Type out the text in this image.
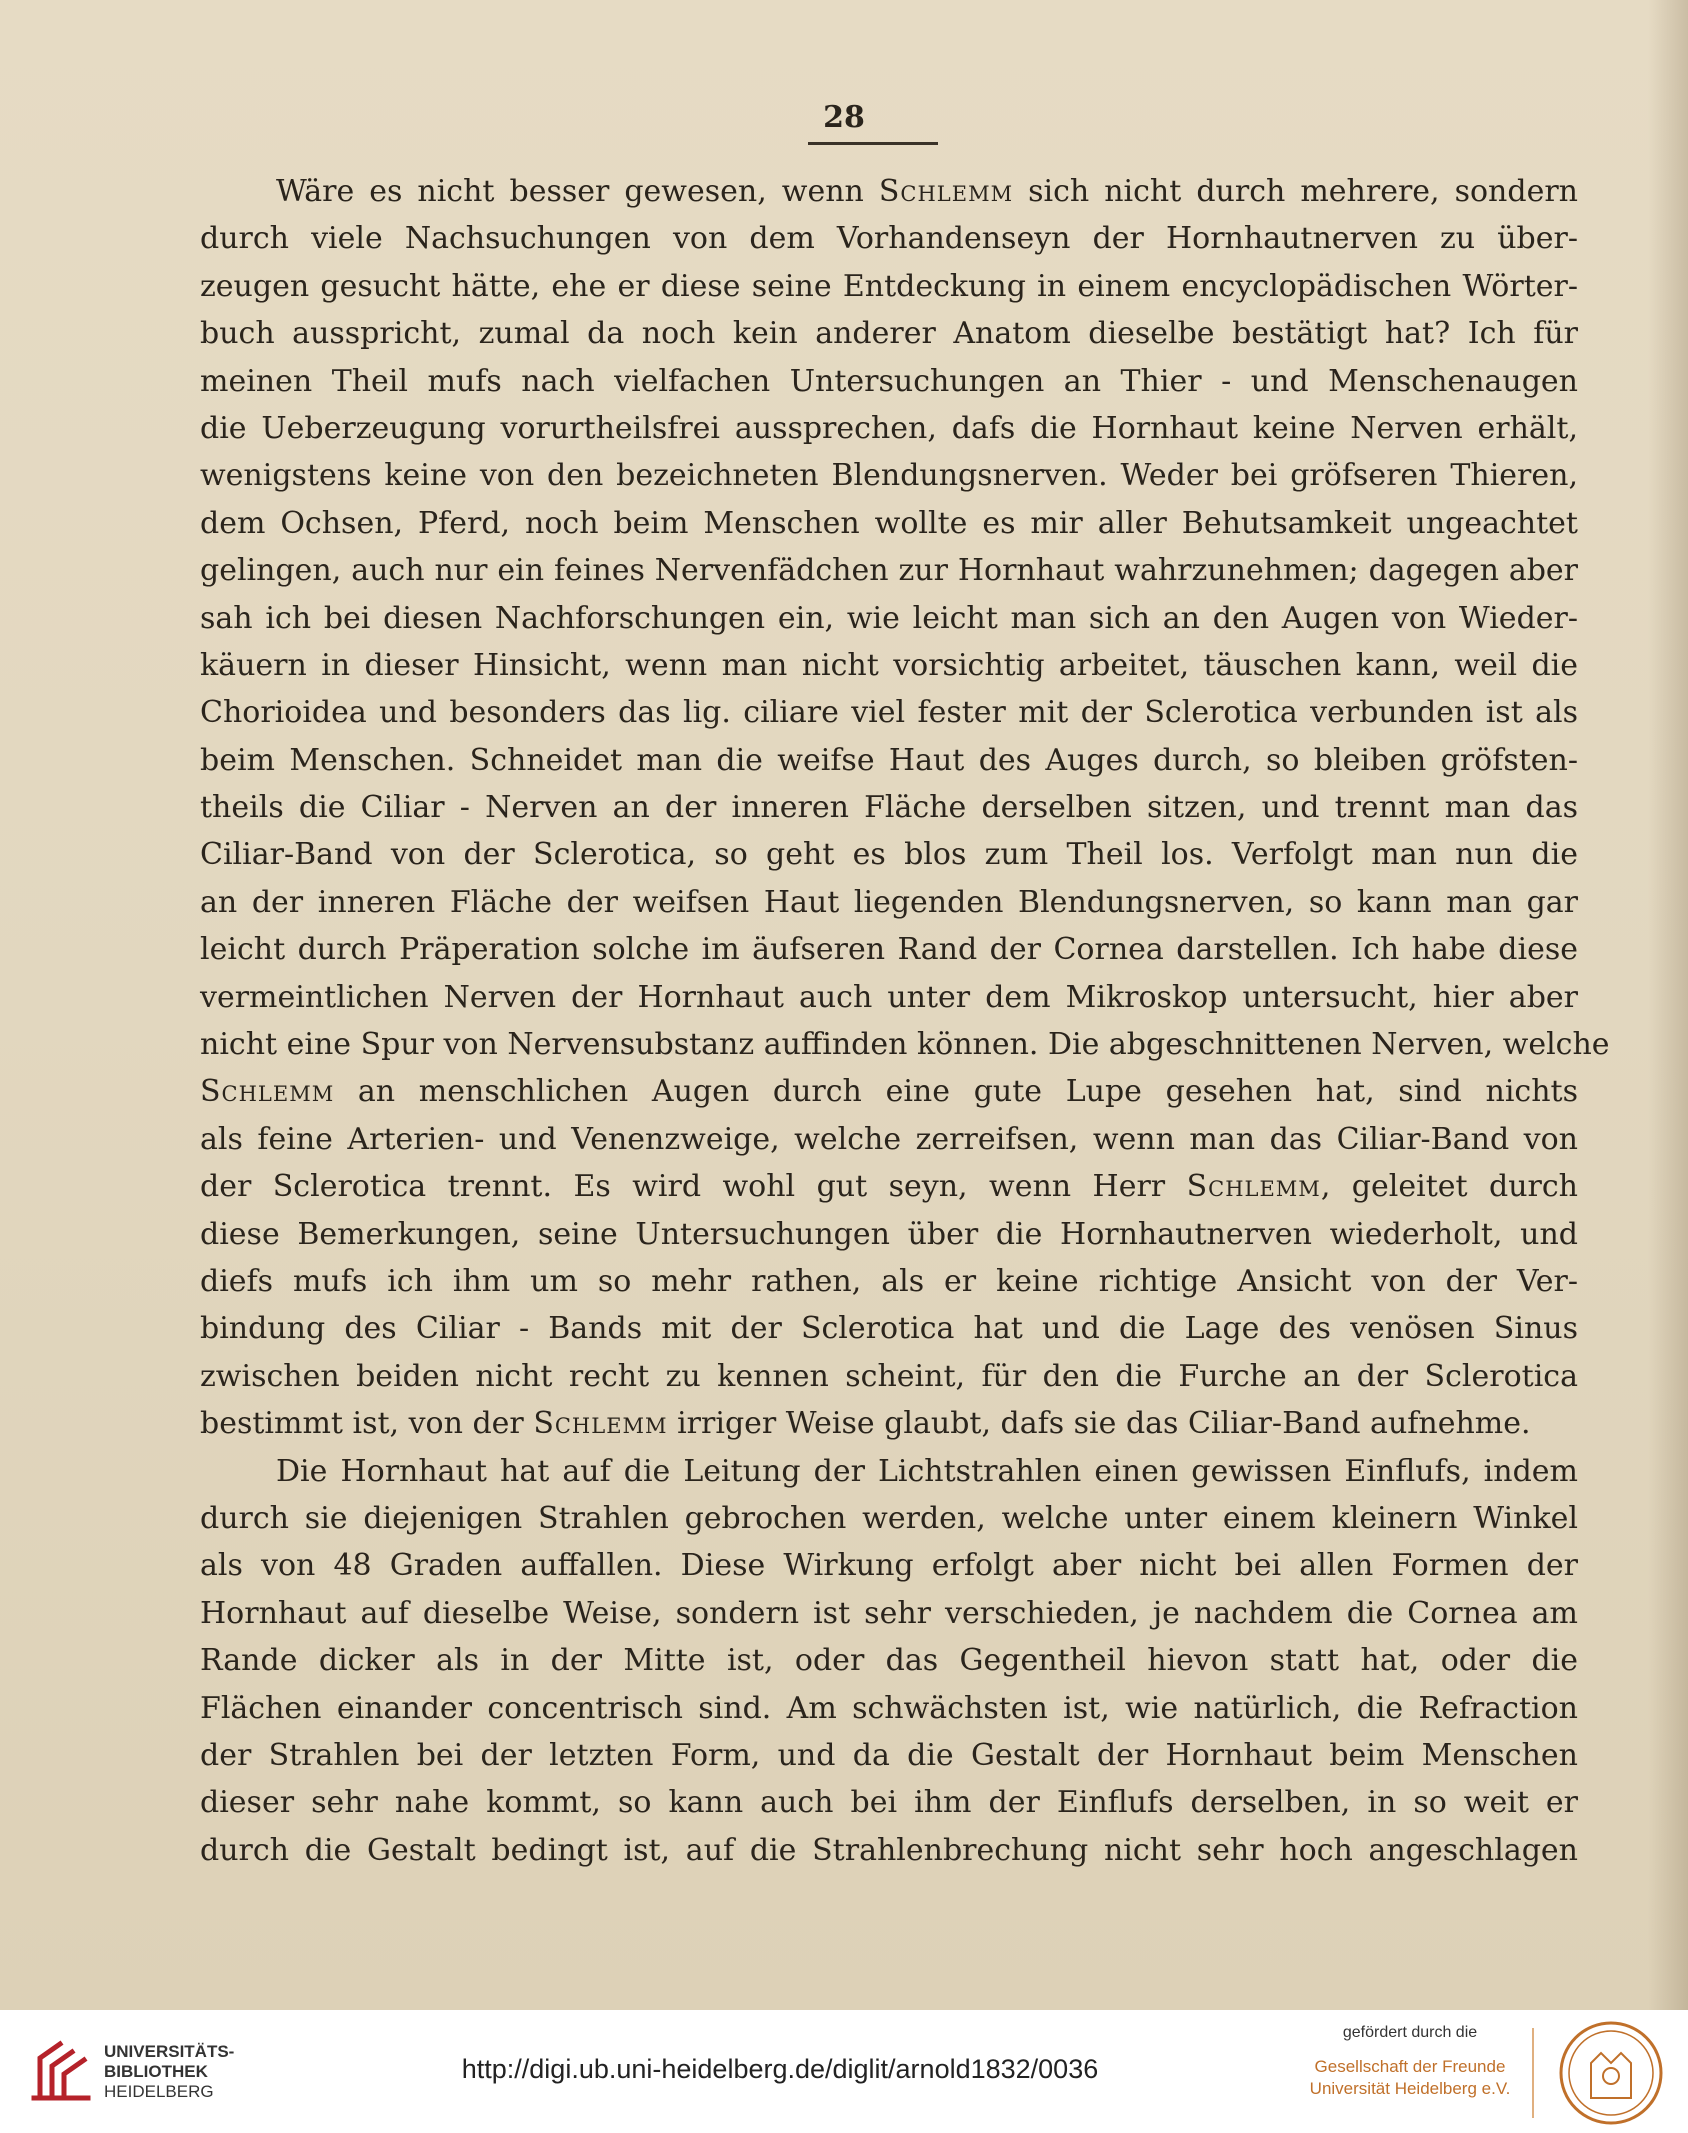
28
Wäre es nicht besser gewesen, wenn Schlemm sich nicht durch mehrere, sondern
durch viele Nachsuchungen von dem Vorhandenseyn der Hornhautnerven zu über-
zeugen gesucht hätte, ehe er diese seine Entdeckung in einem encyclopädischen Wörter-
buch ausspricht, zumal da noch kein anderer Anatom dieselbe bestätigt hat? Ich für
meinen Theil mufs nach vielfachen Untersuchungen an Thier - und Menschenaugen
die Ueberzeugung vorurtheilsfrei aussprechen, dafs die Hornhaut keine Nerven erhält,
wenigstens keine von den bezeichneten Blendungsnerven. Weder bei gröfseren Thieren,
dem Ochsen, Pferd, noch beim Menschen wollte es mir aller Behutsamkeit ungeachtet
gelingen, auch nur ein feines Nervenfädchen zur Hornhaut wahrzunehmen; dagegen aber
sah ich bei diesen Nachforschungen ein, wie leicht man sich an den Augen von Wieder-
käuern in dieser Hinsicht, wenn man nicht vorsichtig arbeitet, täuschen kann, weil die
Chorioidea und besonders das lig. ciliare viel fester mit der Sclerotica verbunden ist als
beim Menschen. Schneidet man die weifse Haut des Auges durch, so bleiben gröfsten-
theils die Ciliar - Nerven an der inneren Fläche derselben sitzen, und trennt man das
Ciliar-Band von der Sclerotica, so geht es blos zum Theil los. Verfolgt man nun die
an der inneren Fläche der weifsen Haut liegenden Blendungsnerven, so kann man gar
leicht durch Präperation solche im äufseren Rand der Cornea darstellen. Ich habe diese
vermeintlichen Nerven der Hornhaut auch unter dem Mikroskop untersucht, hier aber
nicht eine Spur von Nervensubstanz auffinden können. Die abgeschnittenen Nerven, welche
Schlemm an menschlichen Augen durch eine gute Lupe gesehen hat, sind nichts
als feine Arterien- und Venenzweige, welche zerreifsen, wenn man das Ciliar-Band von
der Sclerotica trennt. Es wird wohl gut seyn, wenn Herr Schlemm, geleitet durch
diese Bemerkungen, seine Untersuchungen über die Hornhautnerven wiederholt, und
diefs mufs ich ihm um so mehr rathen, als er keine richtige Ansicht von der Ver-
bindung des Ciliar - Bands mit der Sclerotica hat und die Lage des venösen Sinus
zwischen beiden nicht recht zu kennen scheint, für den die Furche an der Sclerotica
bestimmt ist, von der Schlemm irriger Weise glaubt, dafs sie das Ciliar-Band aufnehme.
Die Hornhaut hat auf die Leitung der Lichtstrahlen einen gewissen Einflufs, indem
durch sie diejenigen Strahlen gebrochen werden, welche unter einem kleinern Winkel
als von 48 Graden auffallen. Diese Wirkung erfolgt aber nicht bei allen Formen der
Hornhaut auf dieselbe Weise, sondern ist sehr verschieden, je nachdem die Cornea am
Rande dicker als in der Mitte ist, oder das Gegentheil hievon statt hat, oder die
Flächen einander concentrisch sind. Am schwächsten ist, wie natürlich, die Refraction
der Strahlen bei der letzten Form, und da die Gestalt der Hornhaut beim Menschen
dieser sehr nahe kommt, so kann auch bei ihm der Einflufs derselben, in so weit er
durch die Gestalt bedingt ist, auf die Strahlenbrechung nicht sehr hoch angeschlagen
UNIVERSITÄTS-
BIBLIOTHEK
HEIDELBERG
http://digi.ub.uni-heidelberg.de/diglit/arnold1832/0036
gefördert durch die
Gesellschaft der Freunde
Universität Heidelberg e.V.
